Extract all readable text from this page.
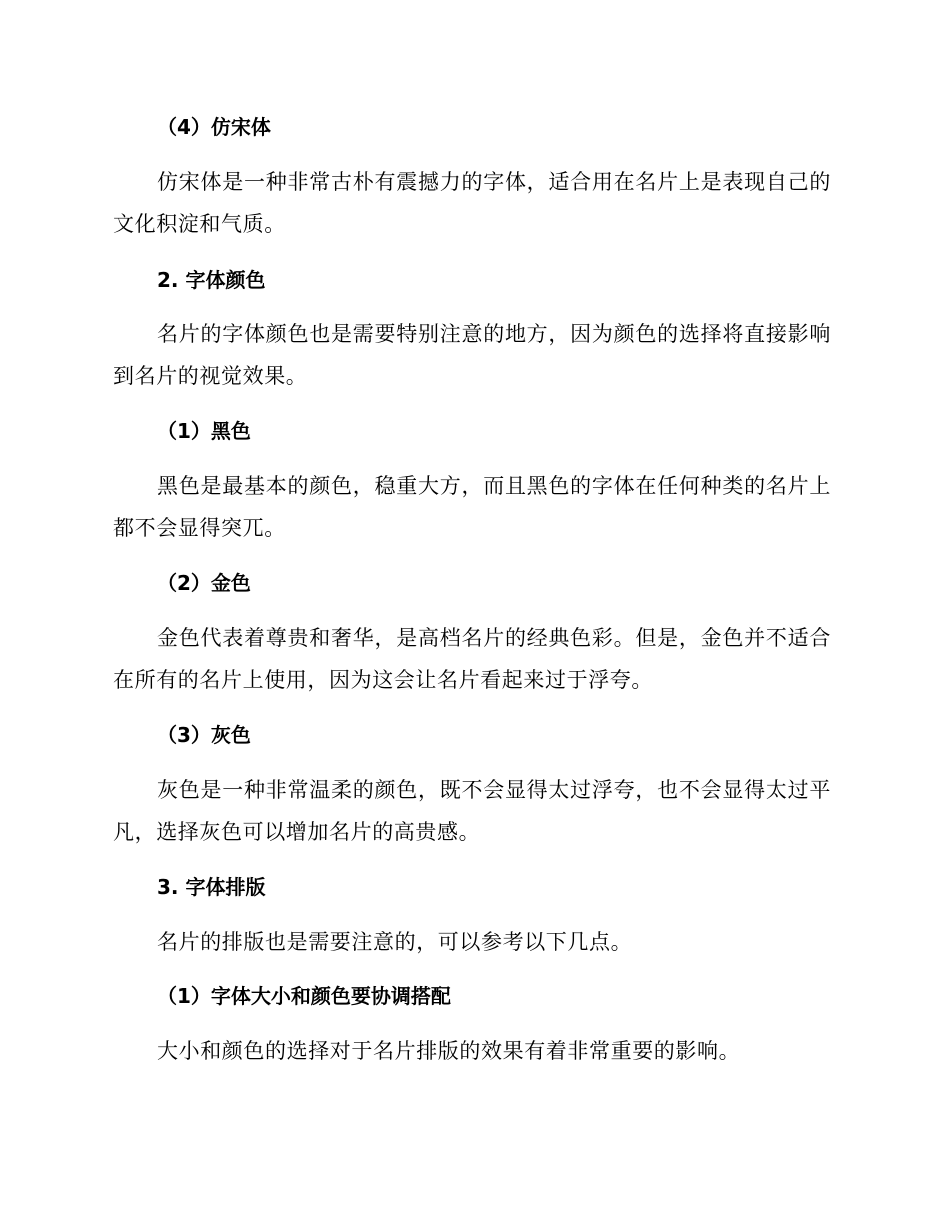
（4）仿宋体

仿宋体是一种非常古朴有震撼力的字体，适合用在名片上是表现自己的文化积淀和气质。

2. 字体颜色

名片的字体颜色也是需要特别注意的地方，因为颜色的选择将直接影响到名片的视觉效果。

（1）黑色

黑色是最基本的颜色，稳重大方，而且黑色的字体在任何种类的名片上都不会显得突兀。

（2）金色

金色代表着尊贵和奢华，是高档名片的经典色彩。但是，金色并不适合在所有的名片上使用，因为这会让名片看起来过于浮夸。

（3）灰色

灰色是一种非常温柔的颜色，既不会显得太过浮夸，也不会显得太过平凡，选择灰色可以增加名片的高贵感。

3. 字体排版

名片的排版也是需要注意的，可以参考以下几点。

（1）字体大小和颜色要协调搭配

大小和颜色的选择对于名片排版的效果有着非常重要的影响。
